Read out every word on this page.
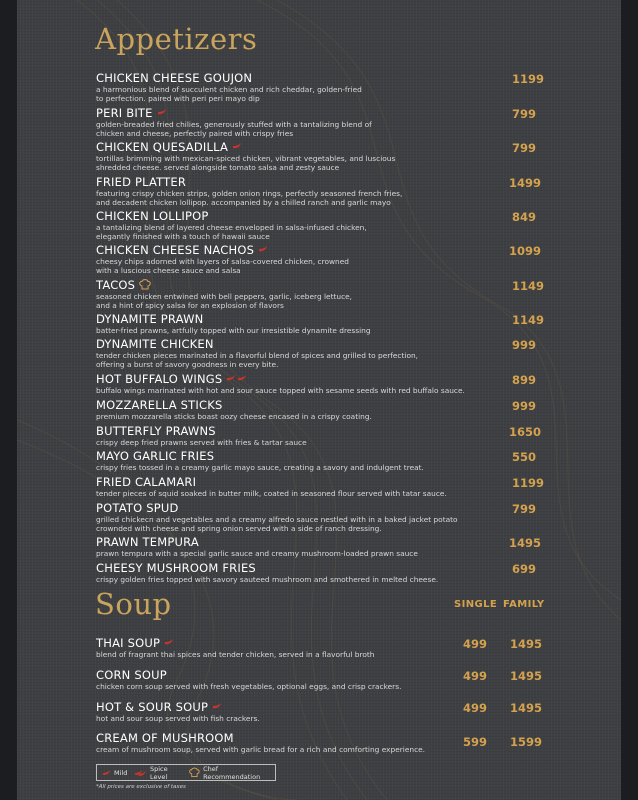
Appetizers
CHICKEN CHEESE GOUJON
a harmonious blend of succulent chicken and rich cheddar, golden-fried
to perfection. paired with peri peri mayo dip
1199
PERI BITE
golden-breaded fried chilies, generously stuffed with a tantalizing blend of
chicken and cheese, perfectly paired with crispy fries
799
CHICKEN QUESADILLA
tortillas brimming with mexican-spiced chicken, vibrant vegetables, and luscious
shredded cheese. served alongside tomato salsa and zesty sauce
799
FRIED PLATTER
featuring crispy chicken strips, golden onion rings, perfectly seasoned french fries,
and decadent chicken lollipop. accompanied by a chilled ranch and garlic mayo
1499
CHICKEN LOLLIPOP
a tantalizing blend of layered cheese enveloped in salsa-infused chicken,
elegantly finished with a touch of hawaii sauce
849
CHICKEN CHEESE NACHOS
cheesy chips adorned with layers of salsa-covered chicken, crowned
with a luscious cheese sauce and salsa
1099
TACOS
seasoned chicken entwined with bell peppers, garlic, iceberg lettuce,
and a hint of spicy salsa for an explosion of flavors
1149
DYNAMITE PRAWN
batter-fried prawns, artfully topped with our irresistible dynamite dressing
1149
DYNAMITE CHICKEN
tender chicken pieces marinated in a flavorful blend of spices and grilled to perfection,
offering a burst of savory goodness in every bite.
999
HOT BUFFALO WINGS
buffalo wings marinated with hot and sour sauce topped with sesame seeds with red buffalo sauce.
899
MOZZARELLA STICKS
premium mozzarella sticks boast oozy cheese encased in a crispy coating.
999
BUTTERFLY PRAWNS
crispy deep fried prawns served with fries & tartar sauce
1650
MAYO GARLIC FRIES
crispy fries tossed in a creamy garlic mayo sauce, creating a savory and indulgent treat.
550
FRIED CALAMARI
tender pieces of squid soaked in butter milk, coated in seasoned flour served with tatar sauce.
1199
POTATO SPUD
grilled chickecn and vegetables and a creamy alfredo sauce nestled with in a baked jacket potato
crownded with cheese and spring onion served with a side of ranch dressing.
799
PRAWN TEMPURA
prawn tempura with a special garlic sauce and creamy mushroom-loaded prawn sauce
1495
CHEESY MUSHROOM FRIES
crispy golden fries topped with savory sauteed mushroom and smothered in melted cheese.
699
Soup	SINGLE FAMILY
THAI SOUP
blend of fragrant thai spices and tender chicken, served in a flavorful broth
499 1495
CORN SOUP
chicken corn soup served with fresh vegetables, optional eggs, and crisp crackers.
499 1495
HOT & SOUR SOUP
hot and sour soup served with fish crackers.
499 1495
CREAM OF MUSHROOM
cream of mushroom soup, served with garlic bread for a rich and comforting experience.
599 1599
Mild	Spice Level
Chef Recommendation
*All prices are exclusive of taxes
